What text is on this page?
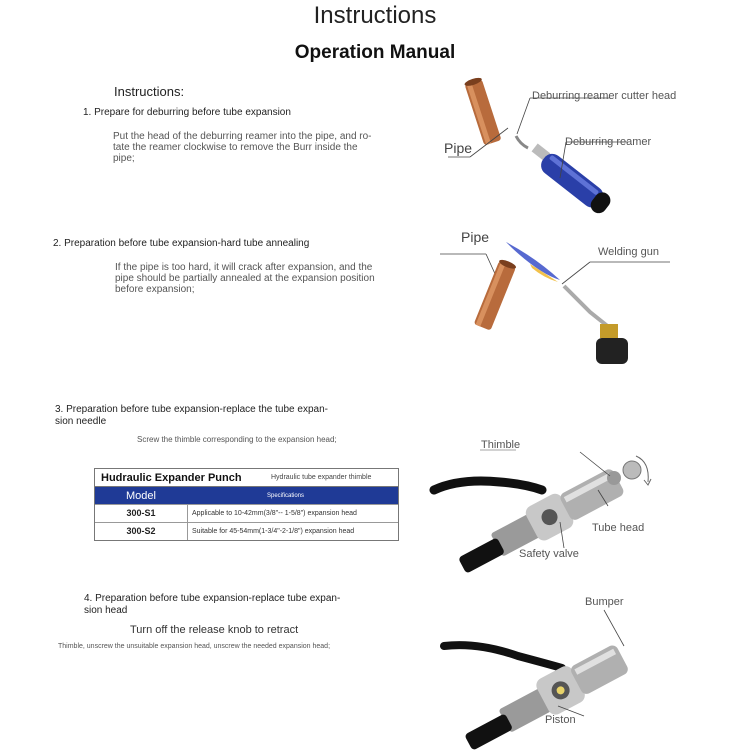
Instructions
Operation Manual
Instructions:
1. Prepare for deburring before tube expansion
Put the head of the deburring reamer into the pipe, and ro-
tate the reamer clockwise to remove the Burr inside the
pipe;
2. Preparation before tube expansion-hard tube annealing
If the pipe is too hard, it will crack after expansion, and the
pipe should be partially annealed at the expansion position
before expansion;
3. Preparation before tube expansion-replace the tube expan-
sion needle
Screw the thimble corresponding to the expansion head;
Hudraulic Expander Punch	Hydraulic tube expander thimble
Model	Specifications
300-S1	Applicable to 10-42mm(3/8"-- 1-5/8") expansion head
300-S2	Suitable for 45-54mm(1-3/4"-2-1/8") expansion head
4. Preparation before tube expansion-replace tube expan-
sion head
Turn off the release knob to retract
Thimble, unscrew the unsuitable expansion head, unscrew the needed expansion head;
Deburring reamer cutter head
Deburring reamer
Pipe
Pipe
Welding gun
Thimble
Tube head
Safety valve
Bumper
Piston
